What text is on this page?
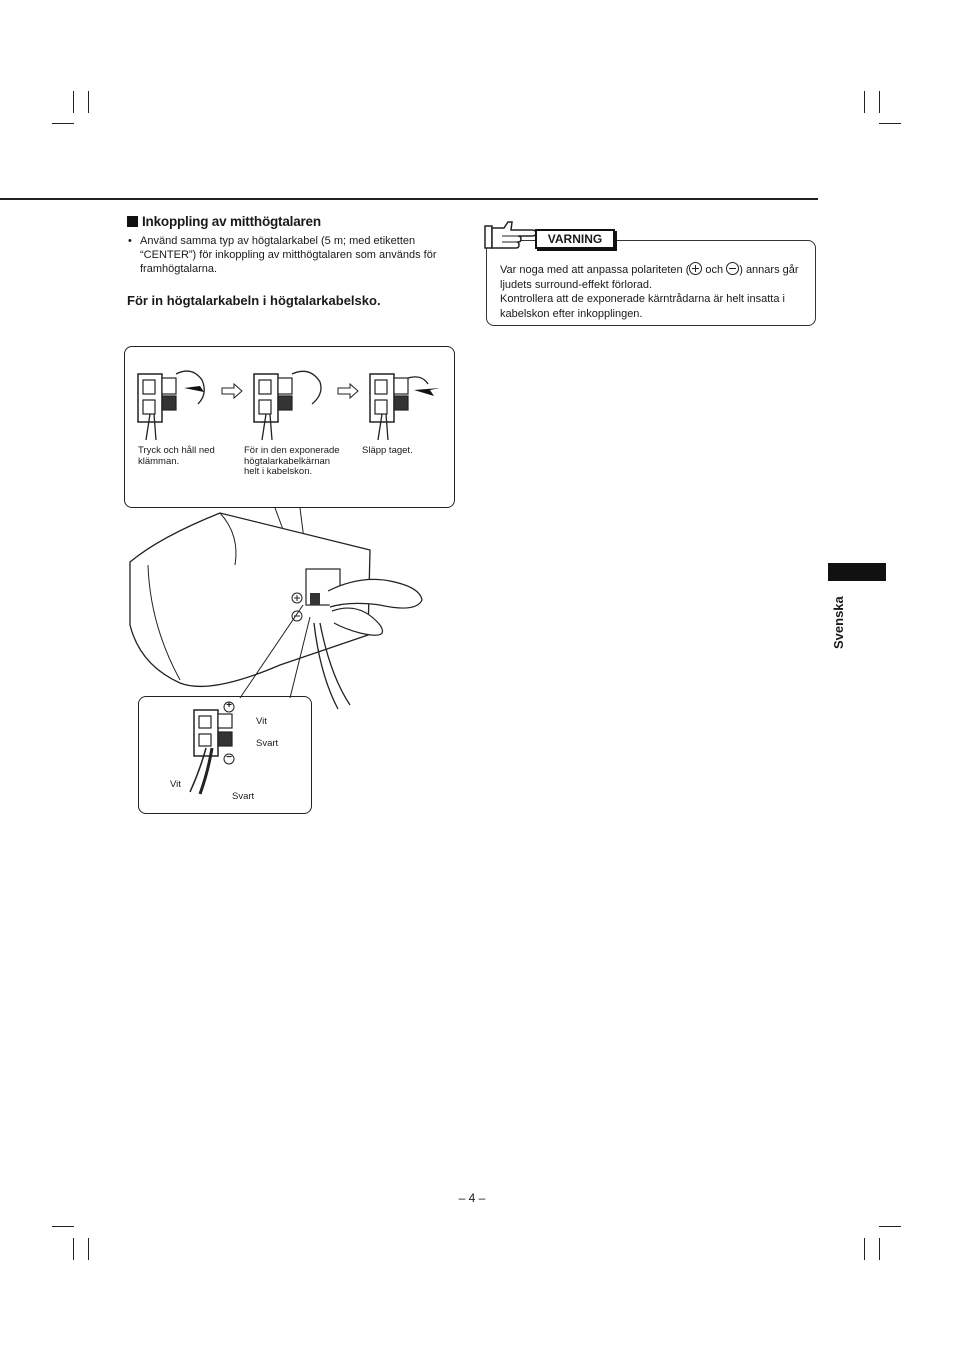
Inkoppling av mitthögtalaren
• Använd samma typ av högtalarkabel (5 m; med etiketten “CENTER”) för inkoppling av mitthögtalaren som används för framhögtalarna.
För in högtalarkabeln i högtalarkabelsko.
VARNING
Var noga med att anpassa polariteten ( och ) annars går ljudets surround-effekt förlorad.
Kontrollera att de exponerade kärntrådarna är helt insatta i kabelskon efter inkopplingen.
Tryck och håll ned klämman.
För in den exponerade högtalarkabelkärnan helt i kabelskon.
Släpp taget.
+
−
Vit
Svart
Vit
Svart
Svenska
– 4 –
